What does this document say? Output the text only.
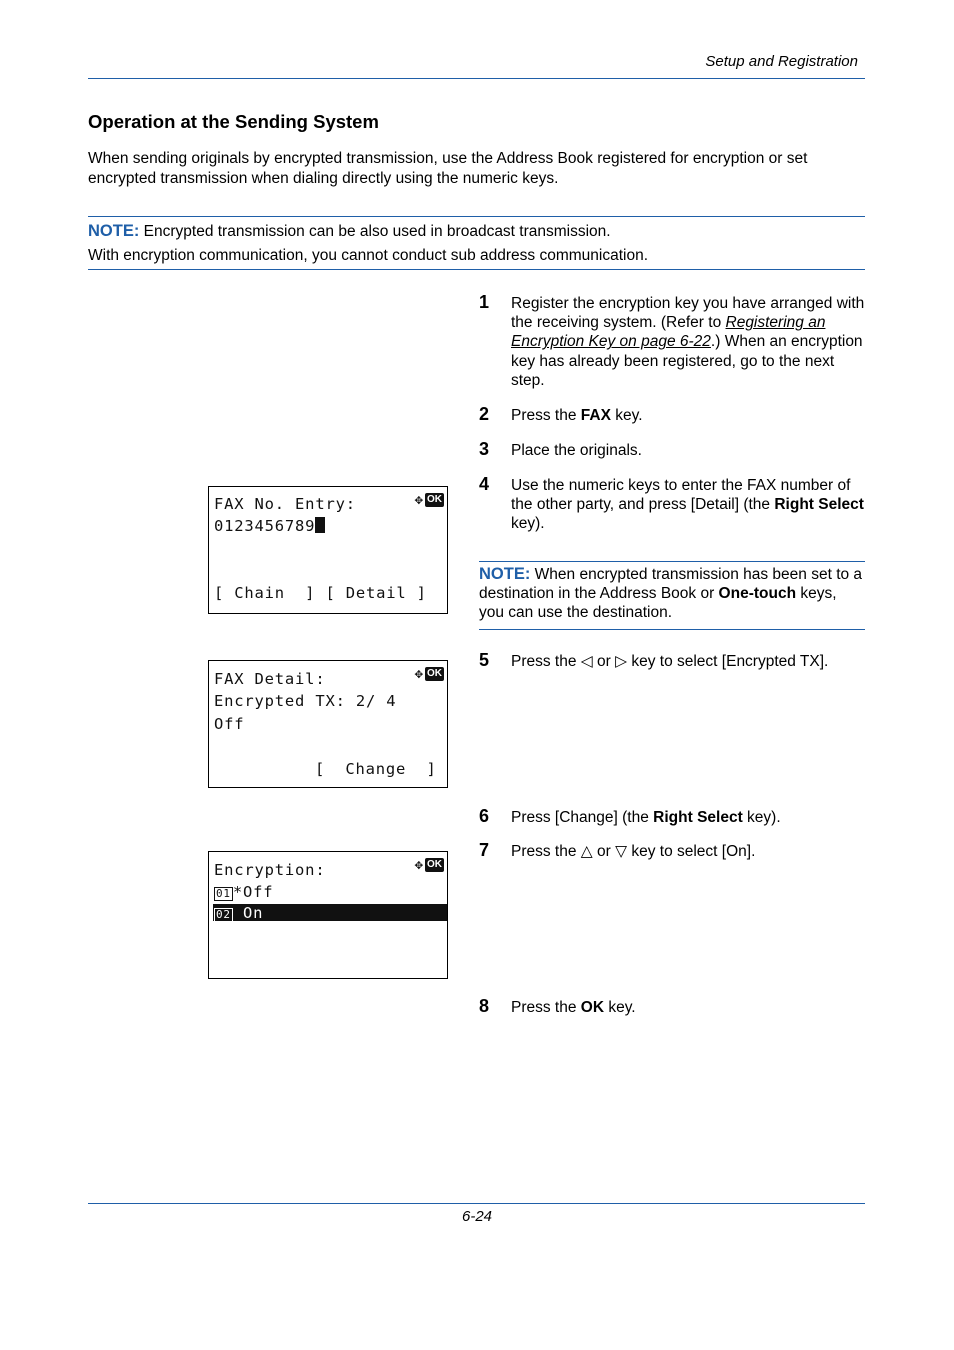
Setup and Registration
Operation at the Sending System
When sending originals by encrypted transmission, use the Address Book registered for encryption or set encrypted transmission when dialing directly using the numeric keys.
NOTE: Encrypted transmission can be also used in broadcast transmission.
With encryption communication, you cannot conduct sub address communication.
1 Register the encryption key you have arranged with the receiving system. (Refer to Registering an Encryption Key on page 6-22.) When an encryption key has already been registered, go to the next step.
2 Press the FAX key.
3 Place the originals.
4 Use the numeric keys to enter the FAX number of the other party, and press [Detail] (the Right Select key).
NOTE: When encrypted transmission has been set to a destination in the Address Book or One-touch keys, you can use the destination.
5 Press the ◁ or ▷ key to select [Encrypted TX].
6 Press [Change] (the Right Select key).
7 Press the △ or ▽ key to select [On].
8 Press the OK key.
FAX No. Entry:	✥ OK
0123456789
[ Chain  ] [ Detail ]
FAX Detail:	✥ OK
Encrypted TX: 2/ 4
Off
[  Change  ]
Encryption:	✥ OK
01 *Off
02 On
6-24
